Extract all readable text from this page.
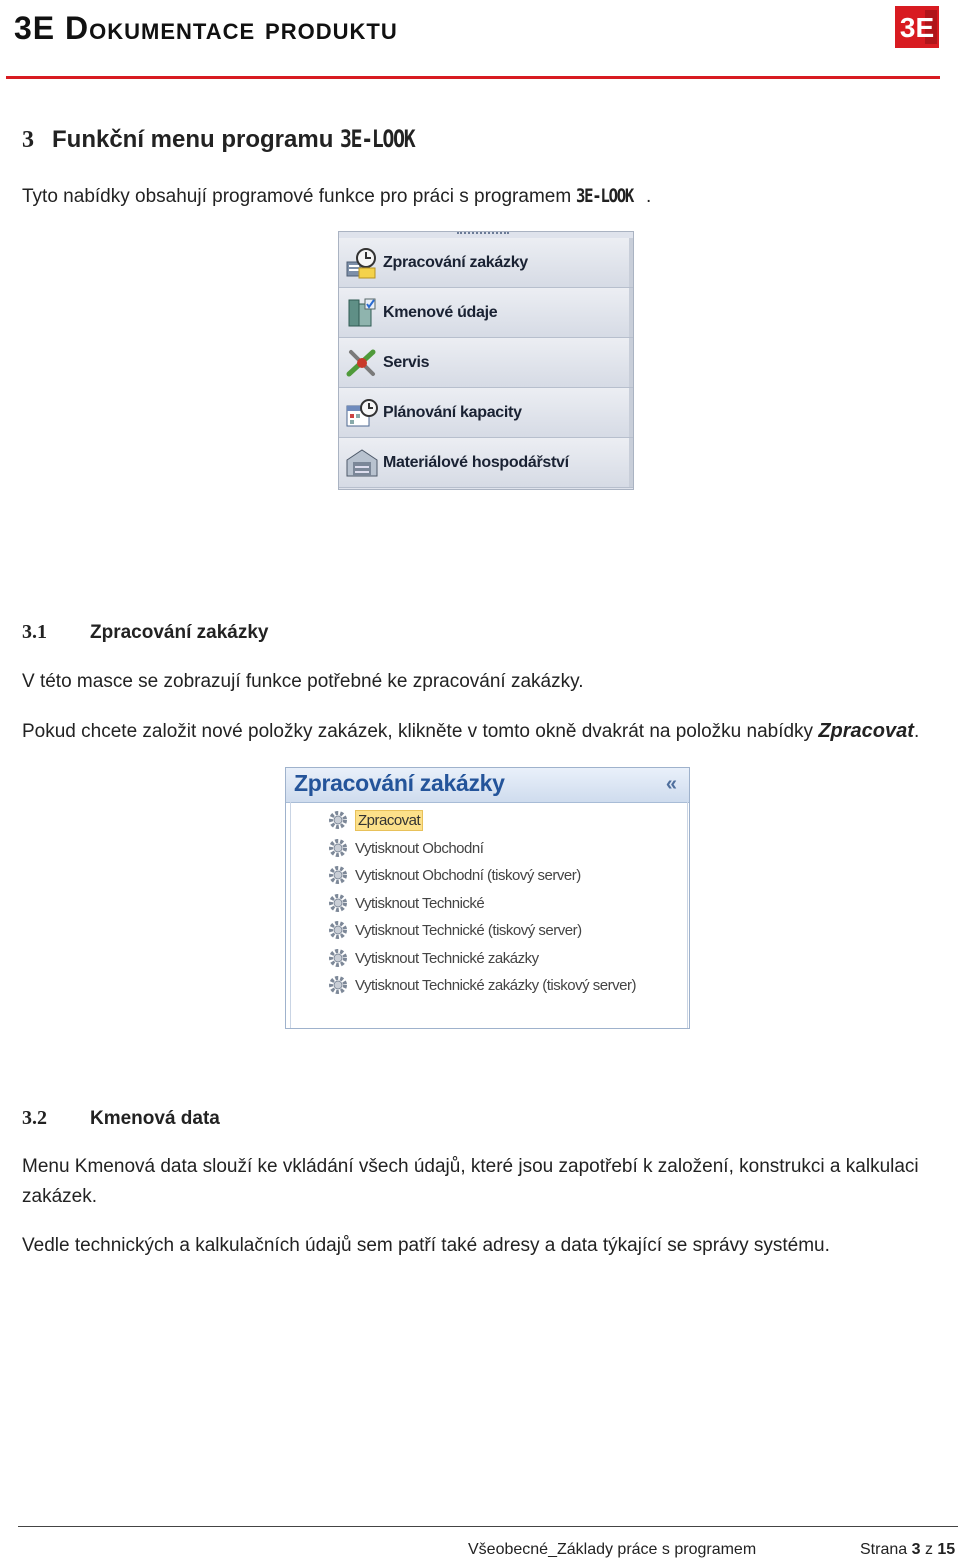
3E Dokumentace produktu	3E
3 Funkční menu programu 3E-LOOK
Tyto nabídky obsahují programové funkce pro práci s programem 3E-LOOK .
Zpracování zakázky
Kmenové údaje
Servis
Plánování kapacity
Materiálové hospodářství
3.1 Zpracování zakázky
V této masce se zobrazují funkce potřebné ke zpracování zakázky.
Pokud chcete založit nové položky zakázek, klikněte v tomto okně dvakrát na položku nabídky Zpracovat.
Zpracování zakázky	«
Zpracovat
Vytisknout Obchodní
Vytisknout Obchodní (tiskový server)
Vytisknout Technické
Vytisknout Technické (tiskový server)
Vytisknout Technické zakázky
Vytisknout Technické zakázky (tiskový server)
3.2 Kmenová data
Menu Kmenová data slouží ke vkládání všech údajů, které jsou zapotřebí k založení, konstrukci a kalkulaci
zakázek.
Vedle technických a kalkulačních údajů sem patří také adresy a data týkající se správy systému.
Všeobecné_Základy práce s programem	Strana 3 z 15
